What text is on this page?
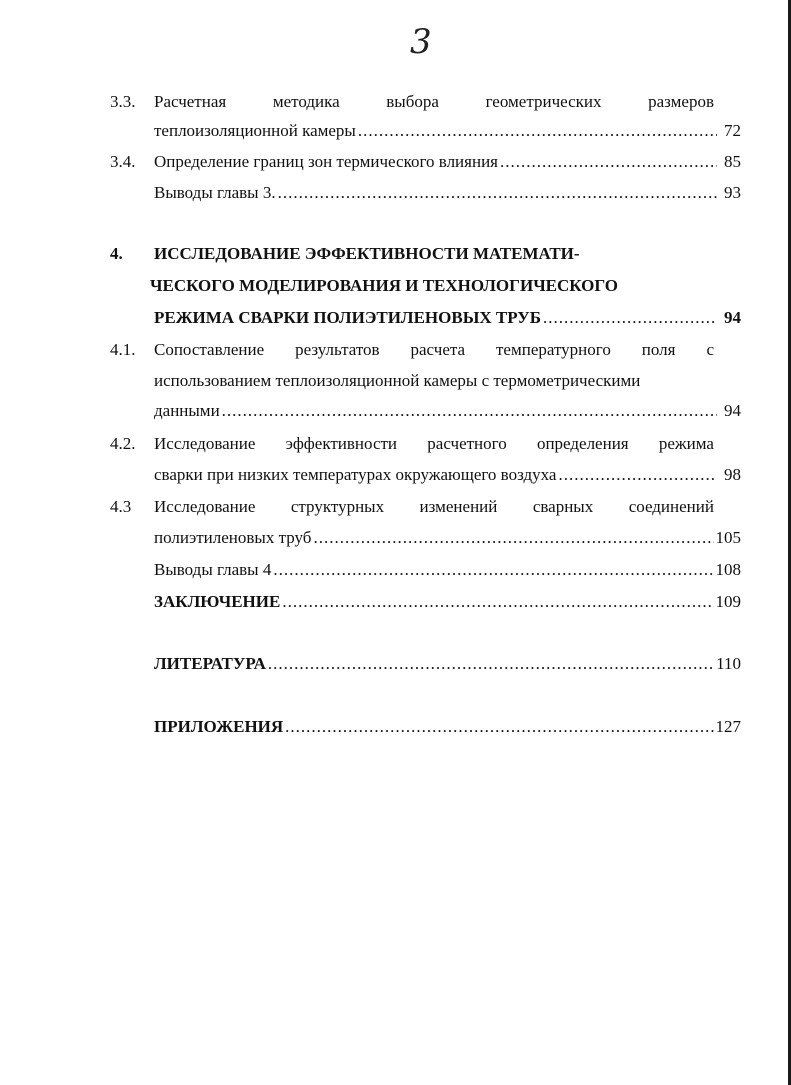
3
3.3. Расчетная	методика	выбора	геометрических	размеров
теплоизоляционной камеры .....	72
3.4. Определение границ зон термического влияния .....	85
Выводы главы 3. .....	93
4. ИССЛЕДОВАНИЕ ЭФФЕКТИВНОСТИ МАТЕМАТИ-
ЧЕСКОГО МОДЕЛИРОВАНИЯ И ТЕХНОЛОГИЧЕСКОГО
РЕЖИМА СВАРКИ ПОЛИЭТИЛЕНОВЫХ ТРУБ .....	94
4.1. Сопоставление результатов расчета температурного поля с
использованием теплоизоляционной камеры с термометрическими
данными .....	94
4.2. Исследование эффективности расчетного определения режима
сварки при низких температурах окружающего воздуха .....	98
4.3 Исследование структурных изменений сварных соединений
полиэтиленовых труб .....	105
Выводы главы 4 .....	108
ЗАКЛЮЧЕНИЕ .....	109
ЛИТЕРАТУРА .....	110
ПРИЛОЖЕНИЯ .....	127
